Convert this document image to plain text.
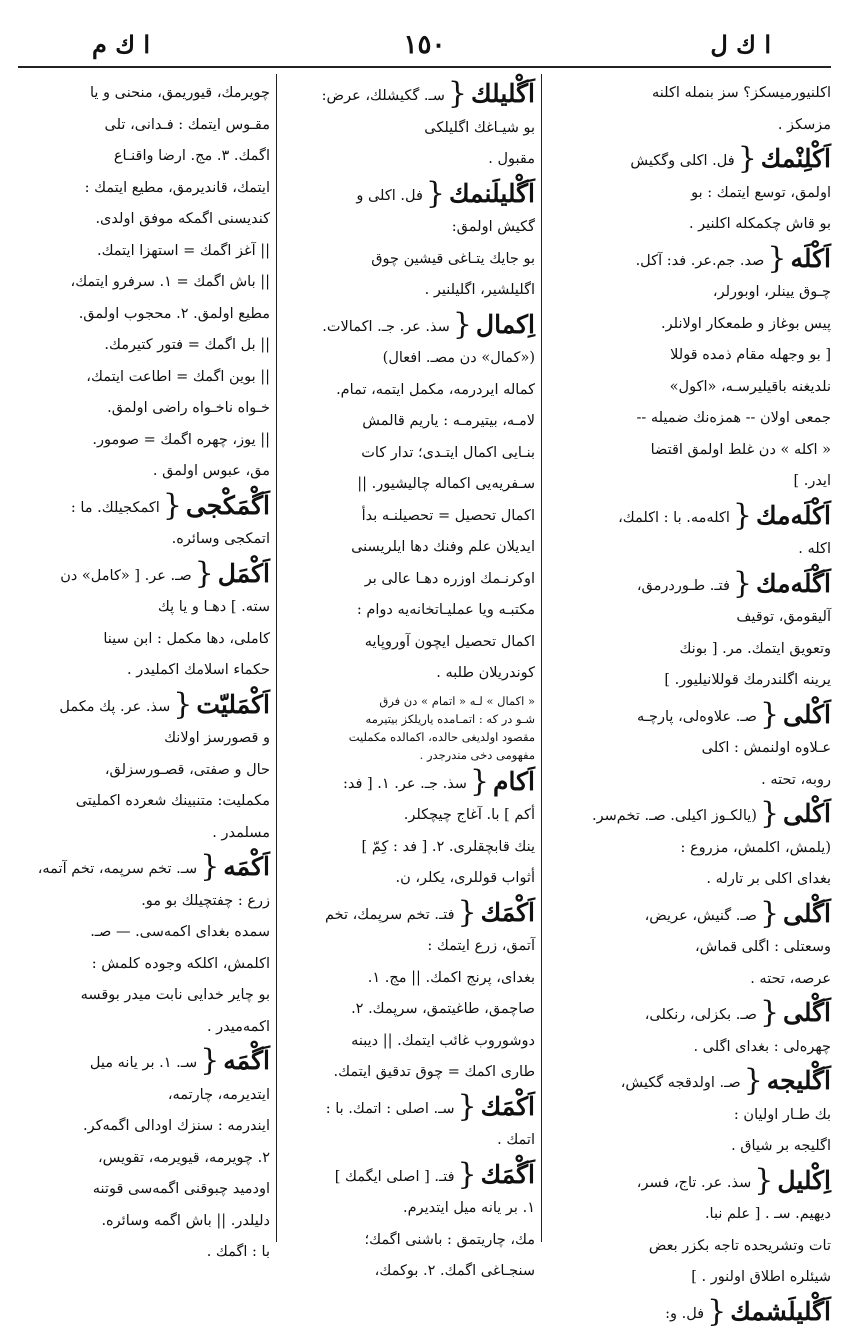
ا ك م	١٥٠	ا ك ل
اكلنيورميسكز؟ سز بنمله اكلنه‌
مزسكز .
اَكْلِنْمك{فل. اكلى وگكيش
اولمق، توسع ايتمك : بو
بو قاش چكمكله اكلنير .
اَكْلَه{صد. جم.عر. فد: آكل.
چـوق يينلر، اوبورلر،
پيس بوغاز و طمعكار اولانلر.
[ بو وجهله مقام ذمده قوللا
نلديغنه باقيليرسـه، «اكول»
جمعى اولان -- همزه‌نك ضميله --
« اكله » دن غلط اولمق اقتضا
ايدر. ]
اَكْلَه‌مك{اكله‌مه. با : اكلمك،
اكله .
اَگْلَه‌مك{فتـ. طـوردرمق،
آليقومق، توقيف
وتعويق ايتمك. مر. [ بونك
يرينه اگلندرمك قوللانيليور. ]
اَكْلى{صـ. علاوه‌لى، پارچـه
عـلاوه اولنمش : اكلى
روبه، تحته .
اَكْلى{(يالكـوز اكيلى. صـ. تخم‌سر.
(يلمش، اكلمش، مزروع :
بغداى اكلى بر تارله .
اَگْلى{صـ. گنيش، عريض،
وسعتلى : اگلى قماش،
عرصه، تحته .
اَگْلى{صـ. بكزلى، رنكلى،
چهره‌لى : بغداى اگلى .
اَگْليجه{صـ. اولدقجه گكيش،
بك طـار اوليان :
اگليجه بر شياق .
اِكْليل{سذ. عر. تاج، فسر،
ديهيم. سـ . [ علم نبا.
تات وتشريحده تاجه بكزر بعض
شيئلره اطلاق اولنور . ]
اَگْليلَشمك{فل. و:
اَگْليلك{سـ. گكيشلك، عرض:
بو شيـاغك اگليلكى
مقبول .
اَگْليلَنمك{فل. اكلى و
گكيش اولمق:
بو جايك يتـاغى قيشين چوق
اگليلشير، اگليلنير .
اِكمال{سذ. عر. جـ. اكمالات.
(«كمال» دن مصـ. افعال)
كماله ايردرمه، مكمل ايتمه، تمام.
لامـه، بيتيرمـه : ياريم قالمش
بنـايى اكمال ايتـدى؛ تدار كات
سـفريه‌يى اكماله چاليشيور. ||
اكمال تحصيل = تحصيلنـه بدأ
ايديلان علم وفنك دها ايلريسنى
اوكرنـمك اوزره دهـا عالى بر
مكتبـه ويا عمليـاتخانه‌يه دوام :
اكمال تحصيل ايچون آوروپايه
كوندريلان طلبه .
« اكمال » لـه « اتمام » دن فرق
شـو در كه : اتمـامده ياريلكز بيتيرمه
مقصود اولديغى حالده، اكمالده مكمليت
مفهومى دخى مندرجدر .
اَكام{سذ. جـ. عر. ١. [ فد:
أكم ] با. آغاج چيچكلر.
ينك قابچقلرى. ٢. [ فد : كِمّ ]
أثواب قوللرى، يكلر، ن.
اَكْمَك{فتـ. تخم سرپمك، تخم
آتمق، زرع ايتمك :
بغداى، پرنج اكمك. || مج. ١.
صاچمق، طاغيتمق، سرپمك. ٢.
دوشوروب غائب ايتمك. || ديبنه
طارى اكمك = چوق تدقيق ايتمك.
اَكْمَك{سـ. اصلى : اتمك. با :
اتمك .
اَگْمَك{فتـ. [ اصلى ايگمك ]
١. بر يانه ميل ايتديرم.
مك، چاريتمق : باشنى اگمك؛
سنجـاغى اگمك. ٢. بوكمك،
چويرمك، قيوريمق، منحنى و يا
مقـوس ايتمك : فـدانى، تلى
اگمك. ٣. مج. ارضا واقنـاع
ايتمك، قانديرمق، مطيع ايتمك :
كنديسنى اگمكه موفق اولدى.
|| آغز اگمك = استهزا ايتمك.
|| باش اگمك = ١. سرفرو ايتمك،
مطيع اولمق. ٢. محجوب اولمق.
|| بل اگمك = فتور كتيرمك.
|| بوين اگمك = اطاعت ايتمك،
خـواه ناخـواه راضى اولمق.
|| يوز، چهره اگمك = صومور.
مق، عبوس اولمق .
اَگْمَكْجى{اكمكجيلك. ما :
اتمكجى وسائره.
اَكْمَل{صـ. عر. [ «كامل» دن
سته. ] دهـا و يا پك
كاملى، دها مكمل : ابن سينا
حكماء اسلامك اكمليدر .
اَكْمَليّت{سذ. عر. پك مكمل
و قصورسز اولانك
حال و صفتى، قصـورسزلق،
مكمليت: متنبينك شعرده اكمليتى
مسلمدر .
اَكْمَه{سـ. تخم سرپمه، تخم آتمه،
زرع : چفتچيلك بو مو.
سمده بغداى اكمه‌سى. — صـ.
اكلمش، اكلكه وجوده كلمش :
بو چاير خدايى نابت ميدر بوقسه
اكمه‌ميدر .
اَگْمَه{سـ. ١. بر يانه ميل
ايتديرمه، چارتمه،
ايندرمه : سنزك اودالى اگمه‌كر.
٢. چويرمه، قيويرمه، تقويس،
اودميد چبوقنى اگمه‌سى قوتنه
دليلدر. || باش اگمه وسائره.
با : اگمك .
